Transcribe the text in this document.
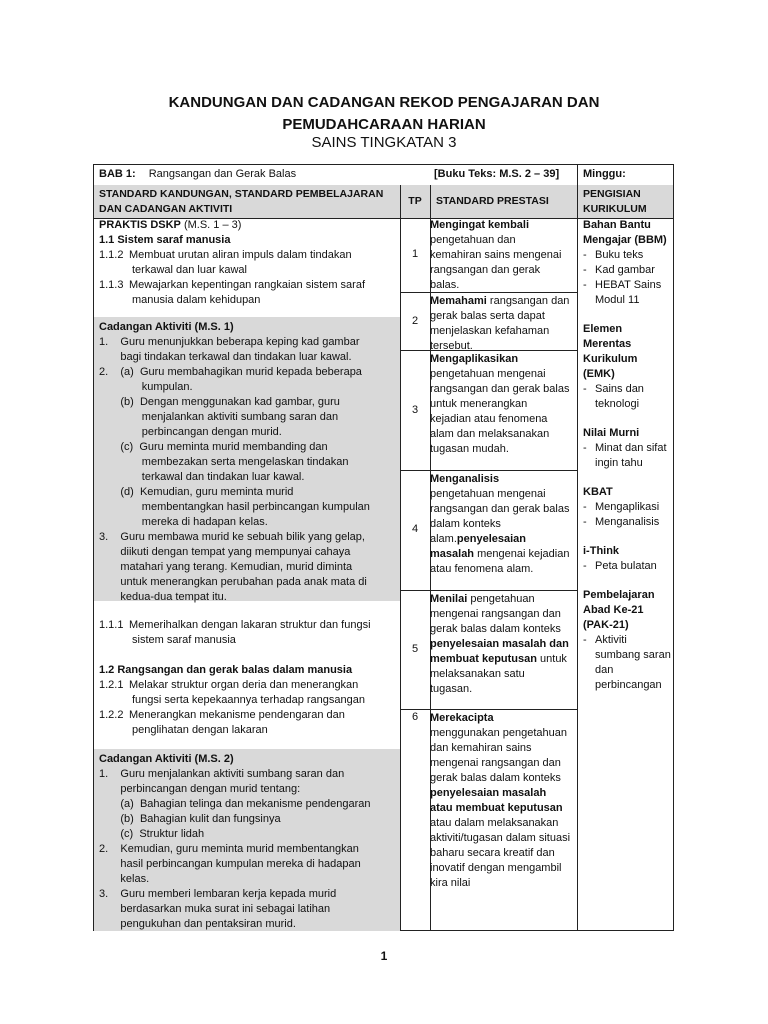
KANDUNGAN DAN CADANGAN REKOD PENGAJARAN DAN
PEMUDAHCARAAN HARIAN
SAINS TINGKATAN 3
BAB 1: Rangsangan dan Gerak Balas	[Buku Teks: M.S. 2 – 39] Minggu:
STANDARD KANDUNGAN, STANDARD PEMBELAJARAN
DAN CADANGAN AKTIVITI
TP	STANDARD PRESTASI
PENGISIAN
KURIKULUM
PRAKTIS DSKP (M.S. 1 – 3)
1.1 Sistem saraf manusia
1.1.2 Membuat urutan aliran impuls dalam tindakan
terkawal dan luar kawal
1.1.3 Mewajarkan kepentingan rangkaian sistem saraf
manusia dalam kehidupan
Cadangan Aktiviti (M.S. 1)
1.    Guru menunjukkan beberapa keping kad gambar
bagi tindakan terkawal dan tindakan luar kawal.
2.    (a)  Guru membahagikan murid kepada beberapa
kumpulan.
(b)  Dengan menggunakan kad gambar, guru
menjalankan aktiviti sumbang saran dan
perbincangan dengan murid.
(c)  Guru meminta murid membanding dan
membezakan serta mengelaskan tindakan
terkawal dan tindakan luar kawal.
(d)  Kemudian, guru meminta murid
membentangkan hasil perbincangan kumpulan
mereka di hadapan kelas.
3.    Guru membawa murid ke sebuah bilik yang gelap,
diikuti dengan tempat yang mempunyai cahaya
matahari yang terang. Kemudian, murid diminta
untuk menerangkan perubahan pada anak mata di
kedua-dua tempat itu.
1.1.1 Memerihalkan dengan lakaran struktur dan fungsi
sistem saraf manusia
1.2 Rangsangan dan gerak balas dalam manusia
1.2.1 Melakar struktur organ deria dan menerangkan
fungsi serta kepekaannya terhadap rangsangan
1.2.2 Menerangkan mekanisme pendengaran dan
penglihatan dengan lakaran
Cadangan Aktiviti (M.S. 2)
1.    Guru menjalankan aktiviti sumbang saran dan
perbincangan dengan murid tentang:
(a)  Bahagian telinga dan mekanisme pendengaran
(b)  Bahagian kulit dan fungsinya
(c)  Struktur lidah
2.    Kemudian, guru meminta murid membentangkan
hasil perbincangan kumpulan mereka di hadapan
kelas.
3.    Guru memberi lembaran kerja kepada murid
berdasarkan muka surat ini sebagai latihan
pengukuhan dan pentaksiran murid.
1
2
3
4
5
6

Mengingat kembali

pengetahuan dan kemahiran sains mengenai rangsangan dan gerak balas.

Memahami rangsangan dan gerak balas serta dapat menjelaskan kefahaman tersebut.

Mengaplikasikan

pengetahuan mengenai rangsangan dan gerak balas untuk menerangkan kejadian atau fenomena alam dan melaksanakan tugasan mudah.

Menganalisis

pengetahuan mengenai rangsangan dan gerak balas dalam konteks alam.penyelesaian masalah mengenai kejadian atau fenomena alam.

Menilai pengetahuan mengenai rangsangan dan gerak balas dalam konteks penyelesaian masalah dan membuat keputusan untuk melaksanakan satu tugasan.

Merekacipta

menggunakan pengetahuan dan kemahiran sains mengenai rangsangan dan gerak balas dalam konteks penyelesaian masalah atau membuat keputusan atau dalam melaksanakan aktiviti/tugasan dalam situasi baharu secara kreatif dan inovatif dengan mengambil kira nilai

Bahan Bantu Mengajar (BBM)
- Buku teks
- Kad gambar
- HEBAT Sains Modul 11
Elemen Merentas Kurikulum (EMK)
- Sains dan teknologi
Nilai Murni
- Minat dan sifat ingin tahu
KBAT
- Mengaplikasi
- Menganalisis
i-Think
- Peta bulatan
Pembelajaran Abad Ke-21 (PAK-21)
- Aktiviti sumbang saran dan perbincangan
1
